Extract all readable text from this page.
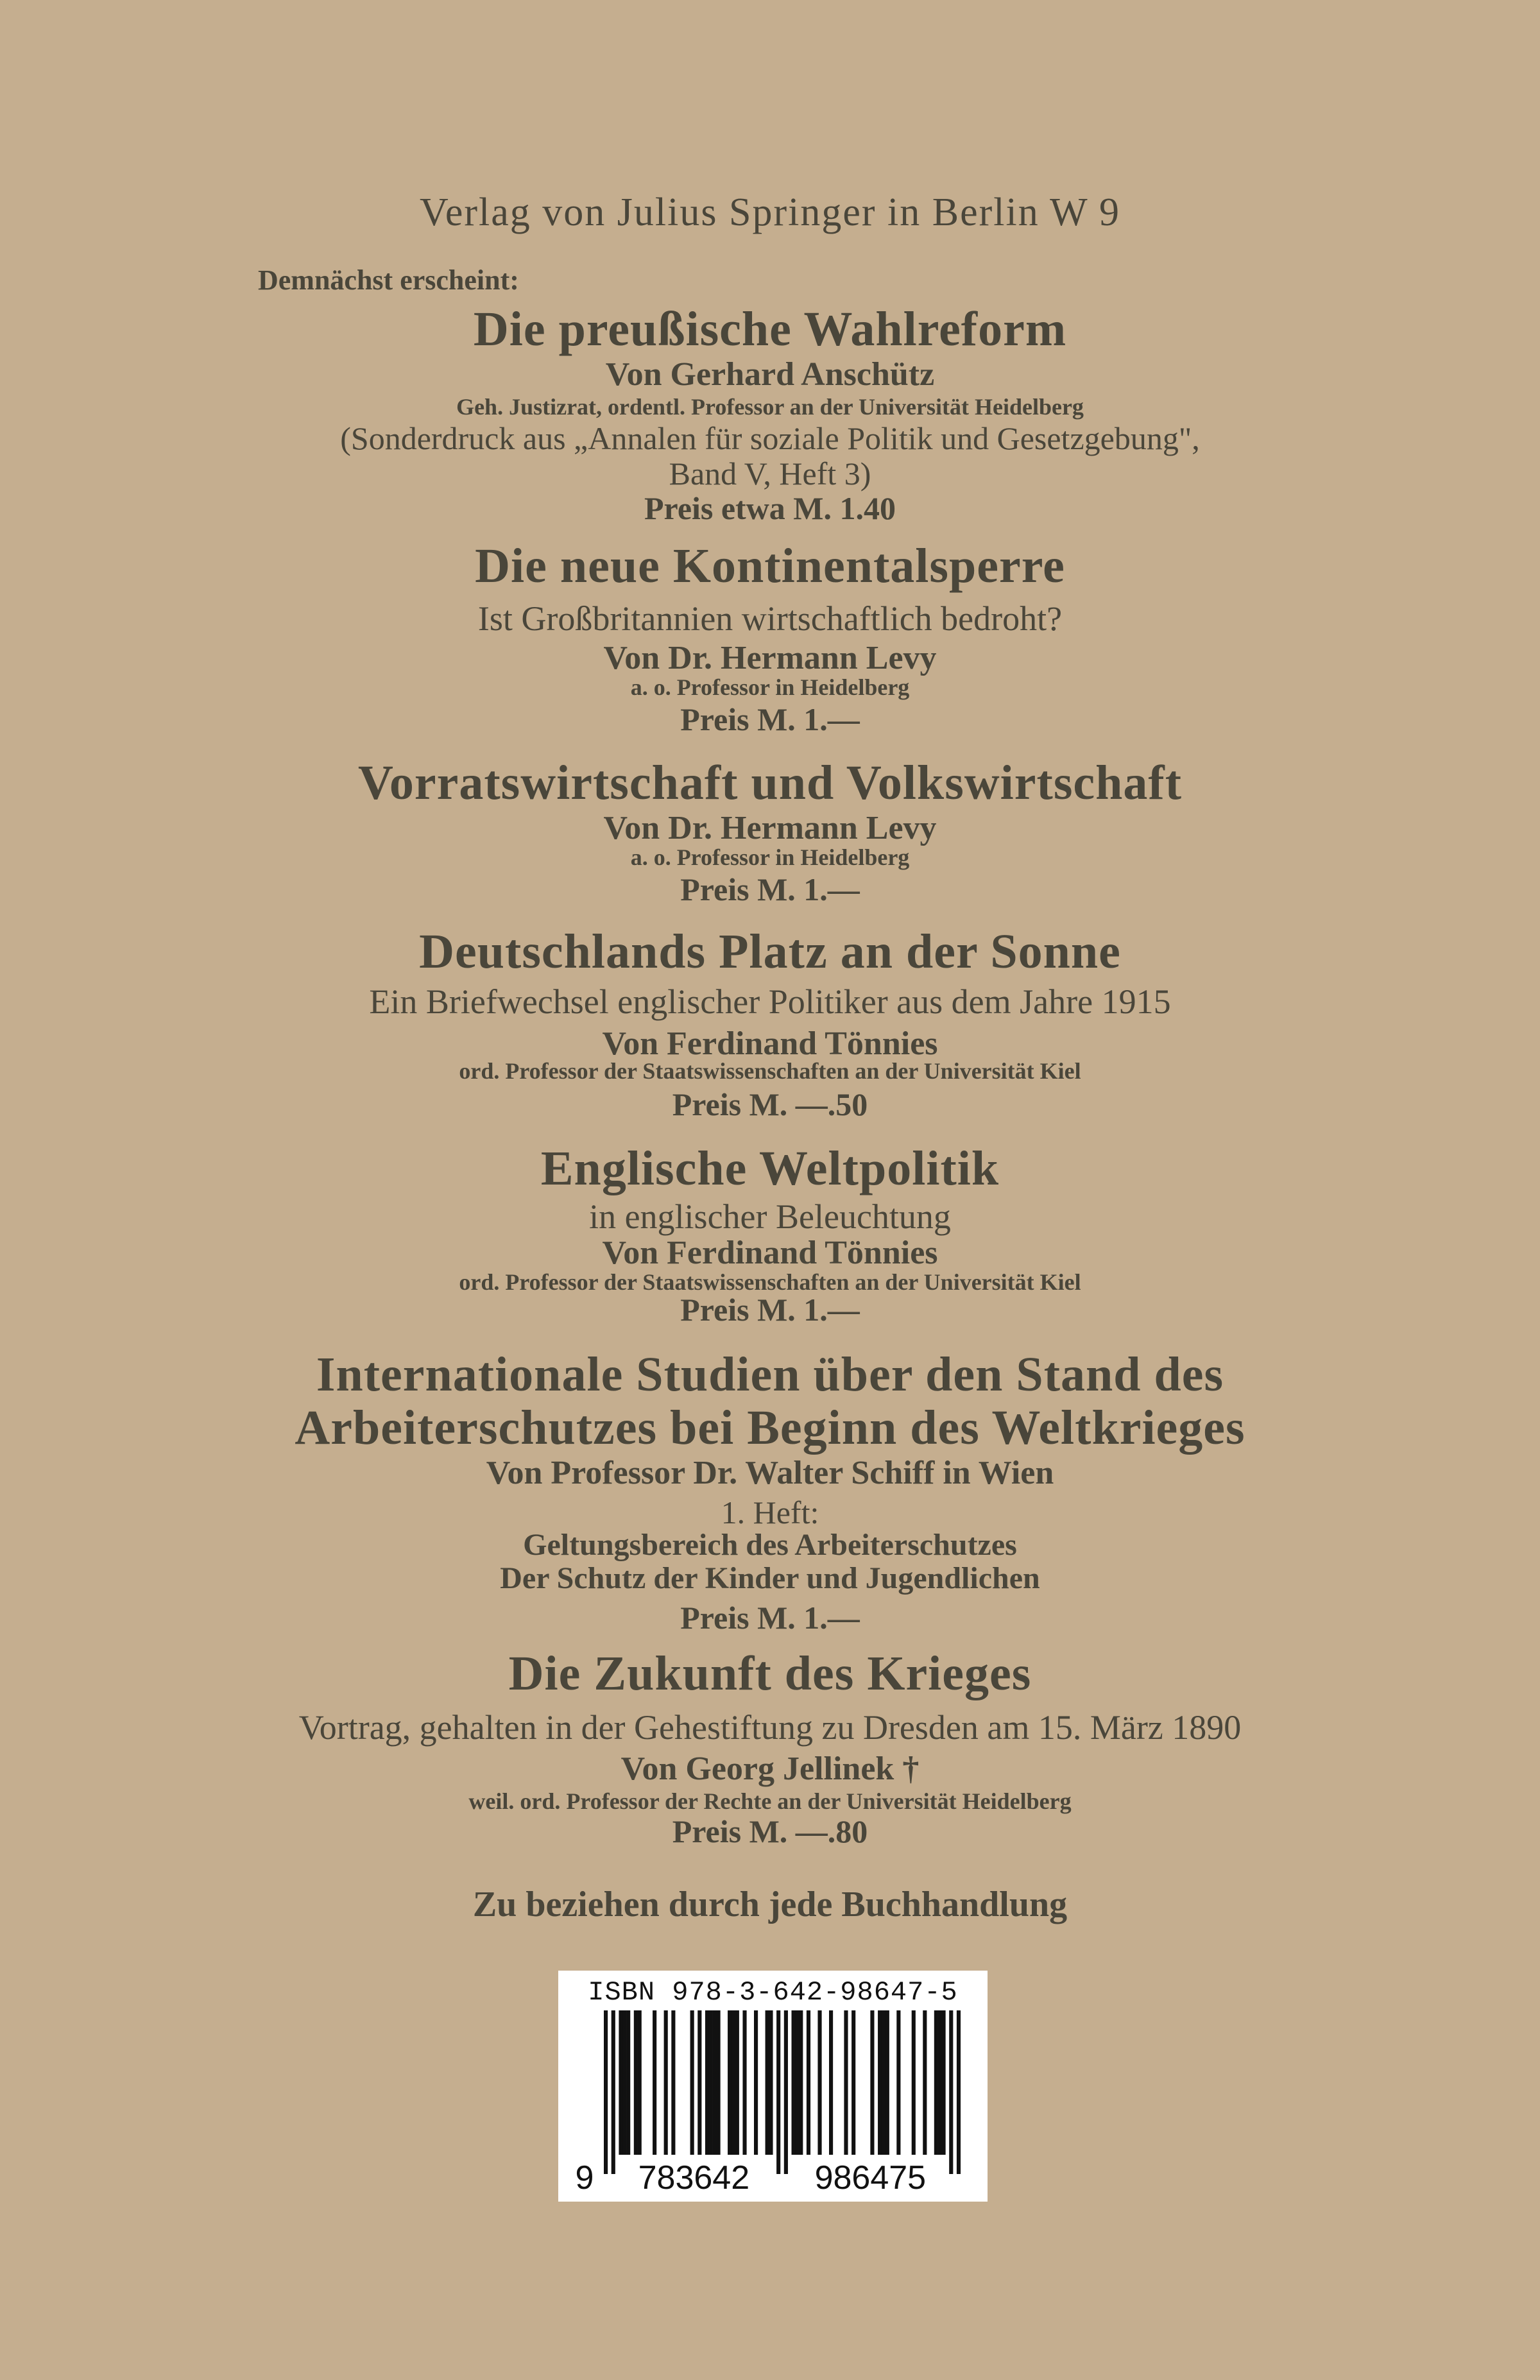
Verlag von Julius Springer in Berlin W 9
Demnächst erscheint:
Die preußische Wahlreform
Von Gerhard Anschütz
Geh. Justizrat, ordentl. Professor an der Universität Heidelberg
(Sonderdruck aus „Annalen für soziale Politik und Gesetzgebung",
Band V, Heft 3)
Preis etwa M. 1.40
Die neue Kontinentalsperre
Ist Großbritannien wirtschaftlich bedroht?
Von Dr. Hermann Levy
a. o. Professor in Heidelberg
Preis M. 1.—
Vorratswirtschaft und Volkswirtschaft
Von Dr. Hermann Levy
a. o. Professor in Heidelberg
Preis M. 1.—
Deutschlands Platz an der Sonne
Ein Briefwechsel englischer Politiker aus dem Jahre 1915
Von Ferdinand Tönnies
ord. Professor der Staatswissenschaften an der Universität Kiel
Preis M. —.50
Englische Weltpolitik
in englischer Beleuchtung
Von Ferdinand Tönnies
ord. Professor der Staatswissenschaften an der Universität Kiel
Preis M. 1.—
Internationale Studien über den Stand des
Arbeiterschutzes bei Beginn des Weltkrieges
Von Professor Dr. Walter Schiff in Wien
1. Heft:
Geltungsbereich des Arbeiterschutzes
Der Schutz der Kinder und Jugendlichen
Preis M. 1.—
Die Zukunft des Krieges
Vortrag, gehalten in der Gehestiftung zu Dresden am 15. März 1890
Von Georg Jellinek †
weil. ord. Professor der Rechte an der Universität Heidelberg
Preis M. —.80
Zu beziehen durch jede Buchhandlung
9 783642 986475
ISBN 978-3-642-98647-5
